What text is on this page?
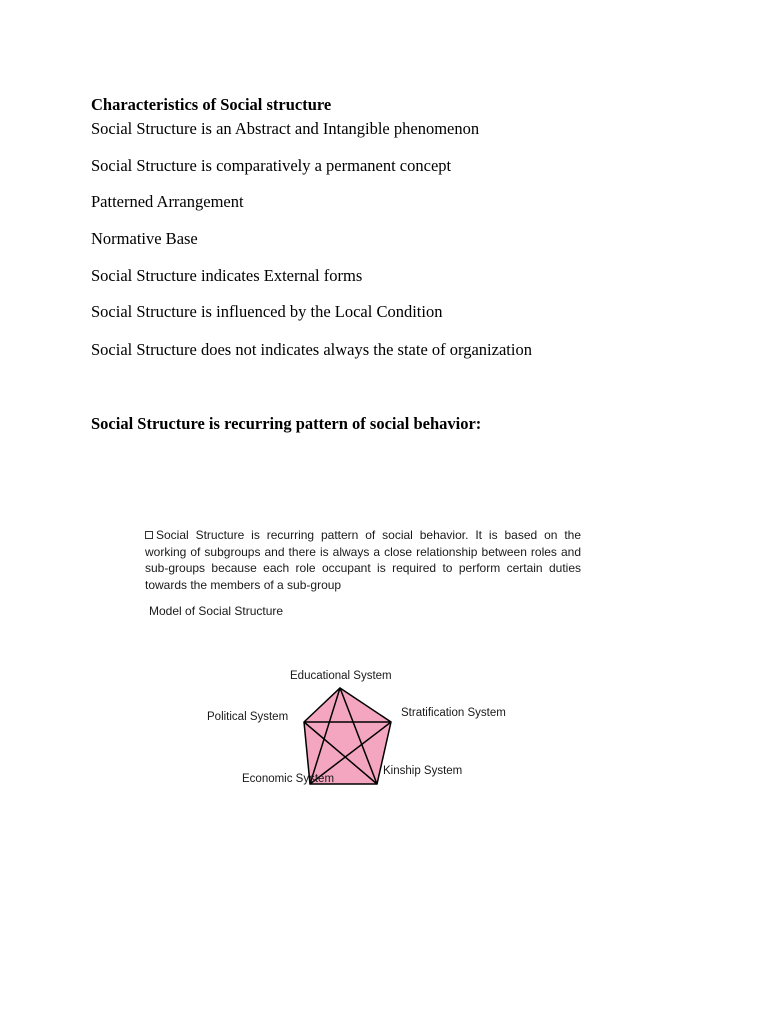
Characteristics of Social structure
Social Structure is an Abstract and Intangible phenomenon
Social Structure is comparatively a permanent concept
Patterned Arrangement
Normative Base
Social Structure indicates External forms
Social Structure is influenced by the Local Condition
Social Structure does not indicates always the state of organization
Social Structure is recurring pattern of social behavior:
Social Structure is recurring pattern of social behavior. It is based on the working of subgroups and there is always a close relationship between roles and sub-groups because each role occupant is required to perform certain duties towards the members of a sub-group
Model of Social Structure
Educational System
Political System	Stratification System
Kinship System
Economic System
